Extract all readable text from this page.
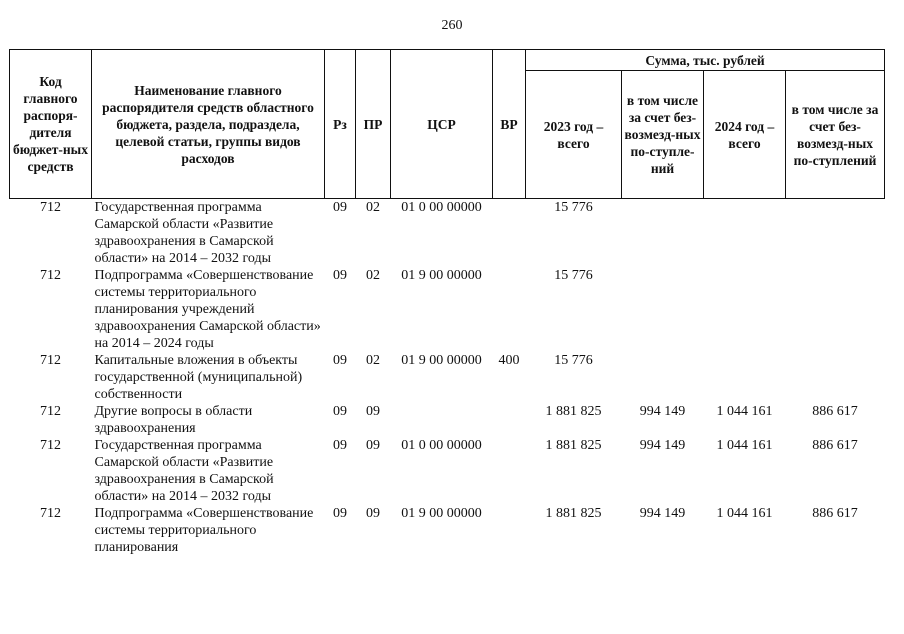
260
Код главного распоря-дителя бюджет-ных средств	Наименование главного распорядителя средств областного бюджета, раздела, подраздела, целевой статьи, группы видов расходов	Рз	ПР	ЦСР	ВР	Сумма, тыс. рублей			
						2023 год – всего	в том числе за счет без-возмезд-ных по-ступле-ний	2024 год – всего	в том числе за счет без-возмезд-ных по-ступлений
712	Государственная программа Самарской области «Развитие здравоохранения в Самарской области» на 2014 – 2032 годы	09	02	01 0 00 00000		15 776			
712	Подпрограмма «Совершенствование системы территориального планирования учреждений здравоохранения Самарской области» на 2014 – 2024 годы	09	02	01 9 00 00000		15 776			
712	Капитальные вложения в объекты государственной (муниципальной) собственности	09	02	01 9 00 00000	400	15 776			
712	Другие вопросы в области здравоохранения	09	09			1 881 825	994 149	1 044 161	886 617
712	Государственная программа Самарской области «Развитие здравоохранения в Самарской области» на 2014 – 2032 годы	09	09	01 0 00 00000		1 881 825	994 149	1 044 161	886 617
712	Подпрограмма «Совершенствование системы территориального планирования	09	09	01 9 00 00000		1 881 825	994 149	1 044 161	886 617
